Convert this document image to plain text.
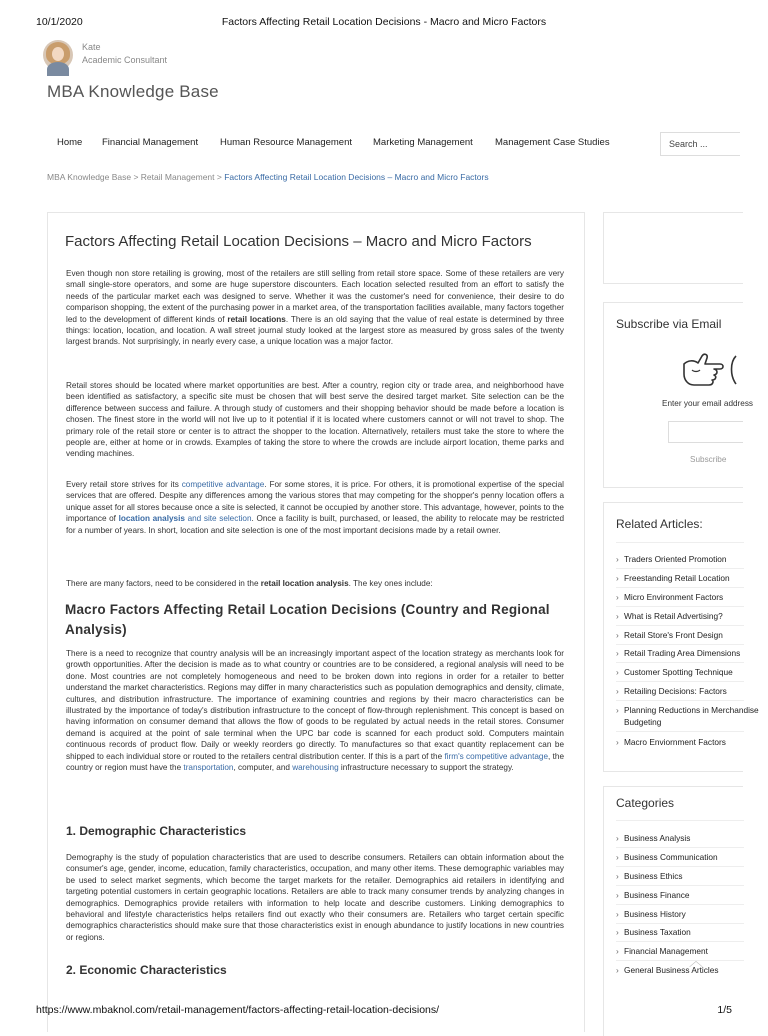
10/1/2020	Factors Affecting Retail Location Decisions - Macro and Micro Factors
Kate
Academic Consultant
MBA Knowledge Base
Home Financial Management Human Resource Management Marketing Management Management Case Studies	Search ...
MBA Knowledge Base > Retail Management > Factors Affecting Retail Location Decisions – Macro and Micro Factors
Factors Affecting Retail Location Decisions – Macro and Micro Factors

Even though non store retailing is growing, most of the retailers are still selling from retail store space. Some of these retailers are very small single-store operators, and some are huge superstore discounters. Each location selected resulted from an effort to satisfy the needs of the particular market each was designed to serve. Whether it was the customer's need for convenience, their desire to do comparison shopping, the extent of the purchasing power in a market area, of the transportation facilities available, many factors together led to the development of different kinds of retail locations. There is an old saying that the value of real estate is determined by three things: location, location, and location. A wall street journal study looked at the largest store as measured by gross sales of the twenty largest brands. Not surprisingly, in nearly every case, a unique location was a major factor.

Retail stores should be located where market opportunities are best. After a country, region city or trade area, and neighborhood have been identified as satisfactory, a specific site must be chosen that will best serve the desired target market. Site selection can be the difference between success and failure. A through study of customers and their shopping behavior should be made before a location is chosen. The finest store in the world will not live up to it potential if it is located where customers cannot or will not travel to shop. The primary role of the retail store or center is to attract the shopper to the location. Alternatively, retailers must take the store to where the people are, either at home or in crowds. Examples of taking the store to where the crowds are include airport location, theme parks and vending machines.

Every retail store strives for its competitive advantage. For some stores, it is price. For others, it is promotional expertise of the special services that are offered. Despite any differences among the various stores that may competing for the shopper's penny location offers a unique asset for all stores because once a site is selected, it cannot be occupied by another store. This advantage, however, points to the importance of location analysis and site selection. Once a facility is built, purchased, or leased, the ability to relocate may be restricted for a number of years. In short, location and site selection is one of the most important decisions made by a retail owner.

There are many factors, need to be considered in the retail location analysis. The key ones include:

Macro Factors Affecting Retail Location Decisions (Country and Regional Analysis)

There is a need to recognize that country analysis will be an increasingly important aspect of the location strategy as merchants look for growth opportunities. After the decision is made as to what country or countries are to be considered, a regional analysis will need to be done. Most countries are not completely homogeneous and need to be broken down into regions in order for a retailer to better understand the market characteristics. Regions may differ in many characteristics such as population demographics and density, climate, cultures, and distribution infrastructure. The importance of examining countries and regions by their macro characteristics can be illustrated by the importance of today's distribution infrastructure to the concept of flow-through replenishment. This concept is based on having information on consumer demand that allows the flow of goods to be regulated by actual needs in the retail stores. Consumer demand is acquired at the point of sale terminal when the UPC bar code is scanned for each product sold. Computers maintain continuous records of product flow. Daily or weekly reorders go directly. To manufactures so that exact quantity replacement can be shipped to each individual store or routed to the retailers central distribution center. If this is a part of the firm's competitive advantage, the country or region must have the transportation, computer, and warehousing infrastructure necessary to support the strategy.

1. Demographic Characteristics

Demography is the study of population characteristics that are used to describe consumers. Retailers can obtain information about the consumer's age, gender, income, education, family characteristics, occupation, and many other items. These demographic variables may be used to select market segments, which become the target markets for the retailer. Demographics aid retailers in identifying and targeting potential customers in certain geographic locations. Retailers are able to track many consumer trends by analyzing changes in demographics. Demographics provide retailers with information to help locate and describe customers. Linking demographics to behavioral and lifestyle characteristics helps retailers find out exactly who their consumers are. Retailers who target certain specific demographics characteristics should make sure that those characteristics exist in enough abundance to justify locations in new countries or regions.

2. Economic Characteristics
Subscribe via Email
Enter your email address
Subscribe
Related Articles:
› Traders Oriented Promotion
› Freestanding Retail Location
› Micro Environment Factors
› What is Retail Advertising?
› Retail Store's Front Design
› Retail Trading Area Dimensions
› Customer Spotting Technique
› Retailing Decisions: Factors
› Planning Reductions in Merchandise
Budgeting
› Macro Enviornment Factors
Categories
› Business Analysis
› Business Communication
› Business Ethics
› Business Finance
› Business History
› Business Taxation
› Financial Management
› General Business Articles
︿
https://www.mbaknol.com/retail-management/factors-affecting-retail-location-decisions/	1/5
